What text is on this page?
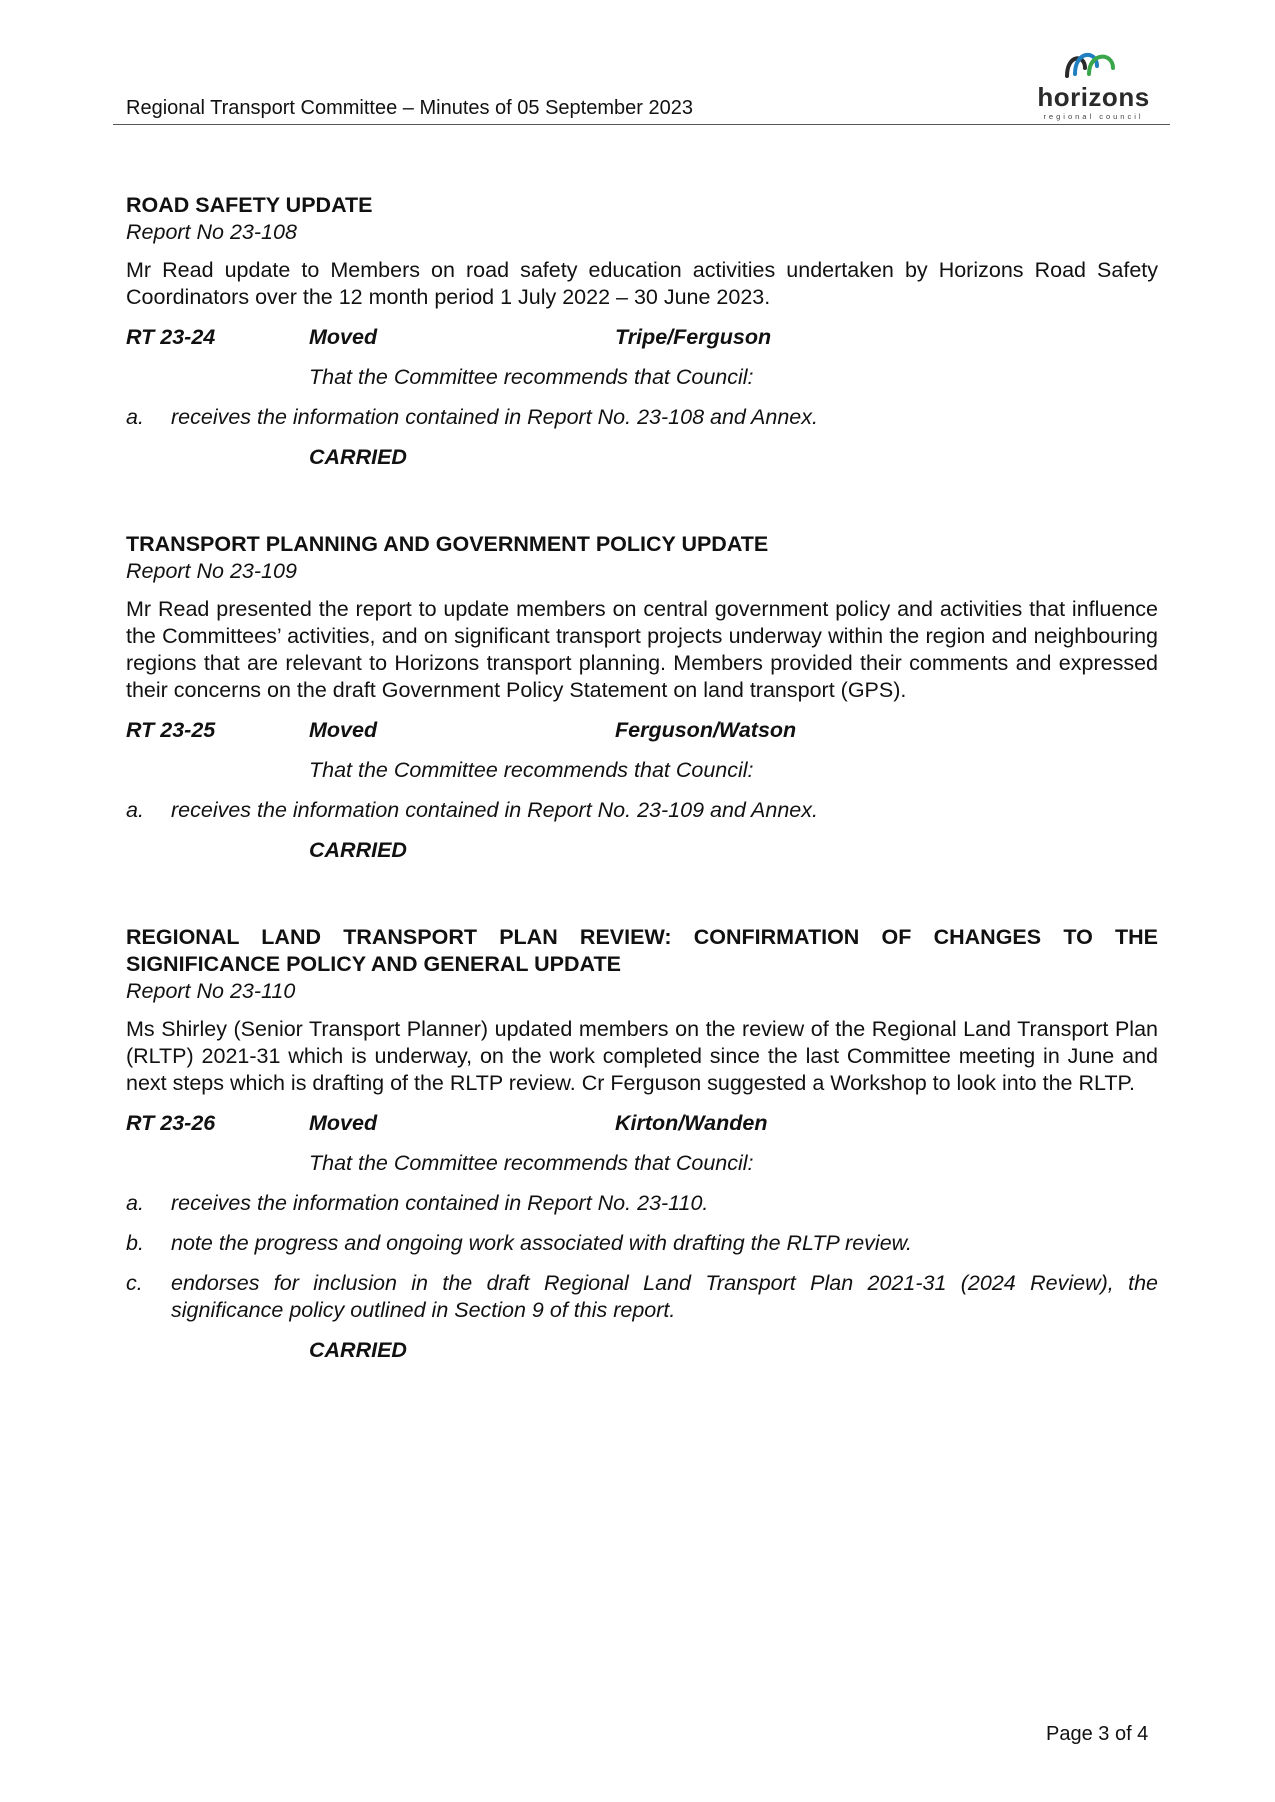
Regional Transport Committee – Minutes of 05 September 2023	horizons
regional council
ROAD SAFETY UPDATE
Report No 23-108
Mr Read update to Members on road safety education activities undertaken by Horizons Road Safety Coordinators over the 12 month period 1 July 2022 – 30 June 2023.
RT 23-24	Moved	Tripe/Ferguson
That the Committee recommends that Council:
a. receives the information contained in Report No. 23-108 and Annex.
CARRIED
TRANSPORT PLANNING AND GOVERNMENT POLICY UPDATE
Report No 23-109
Mr Read presented the report to update members on central government policy and activities that influence the Committees’ activities, and on significant transport projects underway within the region and neighbouring regions that are relevant to Horizons transport planning. Members provided their comments and expressed their concerns on the draft Government Policy Statement on land transport (GPS).
RT 23-25	Moved	Ferguson/Watson
That the Committee recommends that Council:
a. receives the information contained in Report No. 23-109 and Annex.
CARRIED
REGIONAL LAND TRANSPORT PLAN REVIEW: CONFIRMATION OF CHANGES TO THE SIGNIFICANCE POLICY AND GENERAL UPDATE
Report No 23-110
Ms Shirley (Senior Transport Planner) updated members on the review of the Regional Land Transport Plan (RLTP) 2021-31 which is underway, on the work completed since the last Committee meeting in June and next steps which is drafting of the RLTP review. Cr Ferguson suggested a Workshop to look into the RLTP.
RT 23-26	Moved	Kirton/Wanden
That the Committee recommends that Council:
a. receives the information contained in Report No. 23-110.
b. note the progress and ongoing work associated with drafting the RLTP review.
c. endorses for inclusion in the draft Regional Land Transport Plan 2021-31 (2024 Review), the significance policy outlined in Section 9 of this report.
CARRIED
Page 3 of 4
